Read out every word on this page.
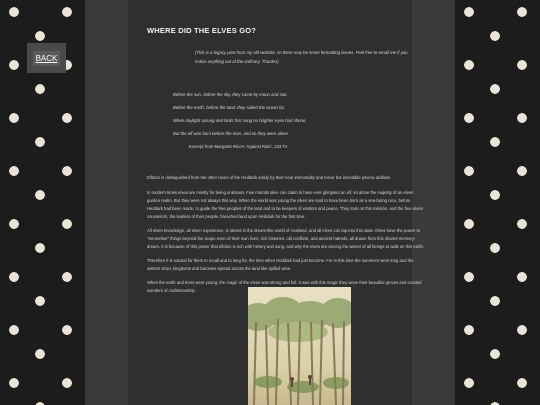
BACK
WHERE DID THE ELVES GO?
(This is a legacy post from my old website, so there may be some formatting issues. Feel free to email me if you notice anything out of the ordinary. Thanks!)
Before the sun, before the sky, they came by moon and star.
Before the earth, before the land, they sailed the ocean far.
When daylight sprung and birds first sung no brighter eyes had shone,
But the elf was born before the man, and so they were alone.
Excerpt from Margaret Rico's 'Against Rain', 233 TA

Elfdom is distinguished from the other races of the Heddark solely by their near immortality and minor but incredible psionic abilities.

In modern times elves are mostly for being unknown. Few mortals alive can claim to have ever glimpsed an elf, let alone the majesty of an elven garden realm. But they were not always this way. When the world was young the elves are said to have been born as a sea-faring race, before Heddark had been made, to guide the free peoples of the land and to be keepers of wisdom and peace. They took on this mission, and the four elven counselors, the leaders of their people, breached land upon Heddark for the first time.

All elven knowledge, all elven experience, is stored in the dream-like world of Avatland, and all elves can tap into this state. Elves have the power to "remember" things beyond the scope even of their own lives; rich histories, old conflicts, and ancient hatreds, all drawn from this shared memory-dream. It is because of this power that elfdom is rich with history and song, and why the elves are among the wisest of all beings to walk on this earth.

Therefore it is natural for them to recall and to long for, the time when Heddark had just become. For in this time the summers were long and the winters short, kingdoms and baronies spread across the land like spilled wine.

When the earth and trees were young, the magic of the elves was strong and full. It was with this magic they wove their beautiful groves and created wonders of craftsmanship.
